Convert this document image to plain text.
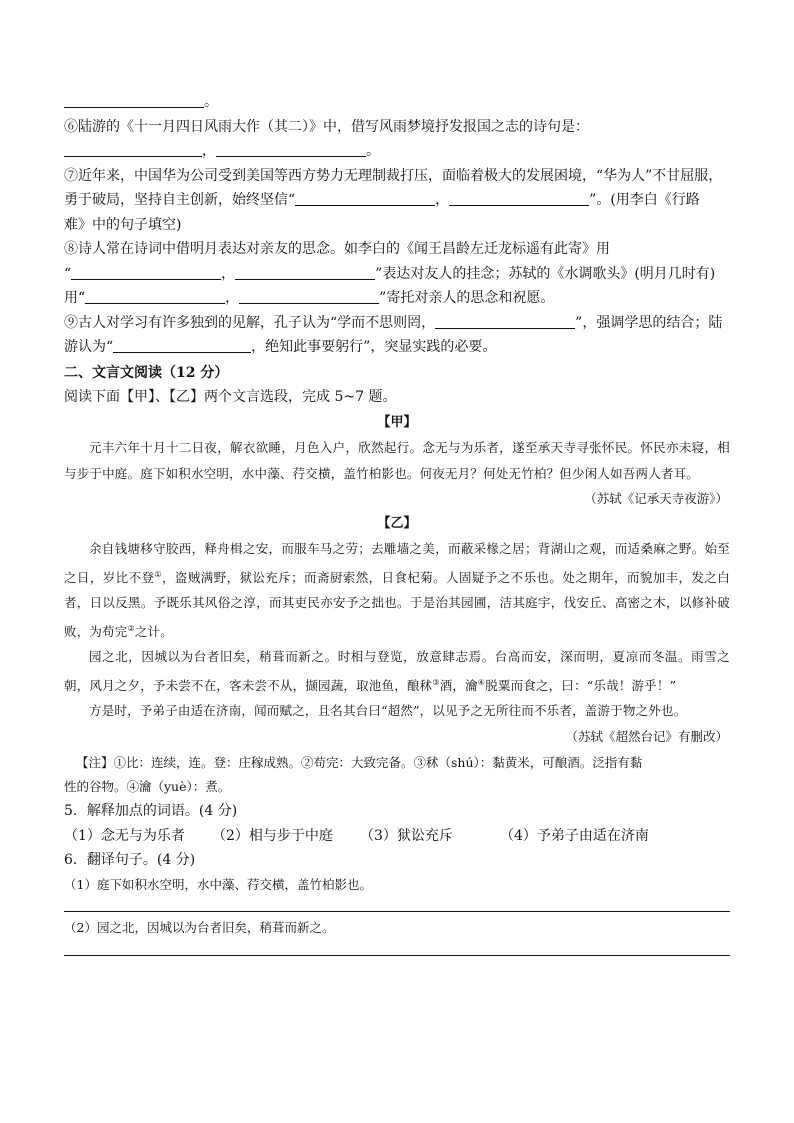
。
⑥陆游的《十一月四日风雨大作（其二）》中，借写风雨梦境抒发报国之志的诗句是：
，	。
⑦近年来，中国华为公司受到美国等西方势力无理制裁打压，面临着极大的发展困境，“华为人”不甘屈服，
勇于破局，坚持自主创新，始终坚信“	，	”。(用李白《行路
难》中的句子填空)
⑧诗人常在诗词中借明月表达对亲友的思念。如李白的《闻王昌龄左迁龙标遥有此寄》用
“	，	”表达对友人的挂念；苏轼的《水调歌头》(明月几时有)
用“	，	”寄托对亲人的思念和祝愿。
⑨古人对学习有许多独到的见解，孔子认为“学而不思则罔，	”，强调学思的结合；陆
游认为“	，绝知此事要躬行”，突显实践的必要。
二、文言文阅读（12 分）
阅读下面【甲】、【乙】两个文言选段，完成 5~7 题。
【甲】
元丰六年十月十二日夜，解衣欲睡，月色入户，欣然起行。念无与为乐者，遂至承天寺寻张怀民。怀民亦未寝，相与步于中庭。庭下如积水空明，水中藻、荇交横，盖竹柏影也。何夜无月？何处无竹柏？但少闲人如吾两人者耳。
（苏轼《记承天寺夜游》）
【乙】
余自钱塘移守胶西，释舟楫之安，而服车马之劳；去雕墙之美，而蔽采椽之居；背湖山之观，而适桑麻之野。始至之日，岁比不登①，盗贼满野，狱讼充斥；而斋厨索然，日食杞菊。人固疑予之不乐也。处之期年，而貌加丰，发之白者，日以反黑。予既乐其风俗之淳，而其吏民亦安予之拙也。于是治其园圃，洁其庭宇，伐安丘、高密之木，以修补破败，为苟完②之计。
园之北，因城以为台者旧矣，稍葺而新之。时相与登览，放意肆志焉。台高而安，深而明，夏凉而冬温。雨雪之朝，风月之夕，予未尝不在，客未尝不从，撷园蔬，取池鱼，酿秫③酒，瀹④脱粟而食之，曰：“乐哉！游乎！”
方是时，予弟子由适在济南，闻而赋之，且名其台曰“超然”，以见予之无所往而不乐者，盖游于物之外也。
（苏轼《超然台记》有删改）
【注】①比：连续，连。登：庄稼成熟。②苟完：大致完备。③秫（shú）：黏黄米，可酿酒。泛指有黏
性的谷物。④瀹（yuè）：煮。
5．解释加点的词语。(4 分)
（1）念无与为乐者 （2）相与步于中庭 （3）狱讼充斥	（4）予弟子由适在济南
6．翻译句子。(4 分)
（1）庭下如积水空明，水中藻、荇交横，盖竹柏影也。
（2）园之北，因城以为台者旧矣，稍葺而新之。
